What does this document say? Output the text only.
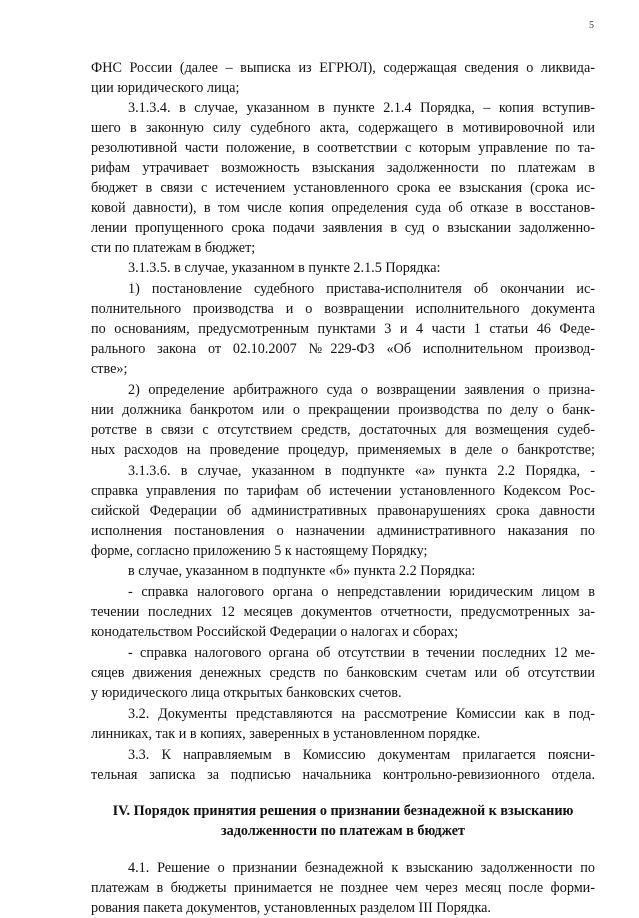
5
ФНС России (далее – выписка из ЕГРЮЛ), содержащая сведения о ликвида-
ции юридического лица;
3.1.3.4. в случае, указанном в пункте 2.1.4 Порядка, – копия вступив-
шего в законную силу судебного акта, содержащего в мотивировочной или
резолютивной части положение, в соответствии с которым управление по та-
рифам утрачивает возможность взыскания задолженности по платежам в
бюджет в связи с истечением установленного срока ее взыскания (срока ис-
ковой давности), в том числе копия определения суда об отказе в восстанов-
лении пропущенного срока подачи заявления в суд о взыскании задолженно-
сти по платежам в бюджет;
3.1.3.5. в случае, указанном в пункте 2.1.5 Порядка:
1) постановление судебного пристава-исполнителя об окончании ис-
полнительного производства и о возвращении исполнительного документа
по основаниям, предусмотренным пунктами 3 и 4 части 1 статьи 46 Феде-
рального закона от 02.10.2007 №229-ФЗ «Об исполнительном производ-
стве»;
2) определение арбитражного суда о возвращении заявления о призна-
нии должника банкротом или о прекращении производства по делу о банк-
ротстве в связи с отсутствием средств, достаточных для возмещения судеб-
ных расходов на проведение процедур, применяемых в деле о банкротстве;
3.1.3.6. в случае, указанном в подпункте «а» пункта 2.2 Порядка, -
справка управления по тарифам об истечении установленного Кодексом Рос-
сийской Федерации об административных правонарушениях срока давности
исполнения постановления о назначении административного наказания по
форме, согласно приложению 5 к настоящему Порядку;
в случае, указанном в подпункте «б» пункта 2.2 Порядка:
- справка налогового органа о непредставлении юридическим лицом в
течении последних 12 месяцев документов отчетности, предусмотренных за-
конодательством Российской Федерации о налогах и сборах;
- справка налогового органа об отсутствии в течении последних 12 ме-
сяцев движения денежных средств по банковским счетам или об отсутствии
у юридического лица открытых банковских счетов.
3.2. Документы представляются на рассмотрение Комиссии как в под-
линниках, так и в копиях, заверенных в установленном порядке.
3.3. К направляемым в Комиссию документам прилагается поясни-
тельная записка за подписью начальника контрольно-ревизионного отдела.
IV. Порядок принятия решения о признании безнадежной к взысканию
задолженности по платежам в бюджет
4.1. Решение о признании безнадежной к взысканию задолженности по
платежам в бюджеты принимается не позднее чем через месяц после форми-
рования пакета документов, установленных разделом III Порядка.
